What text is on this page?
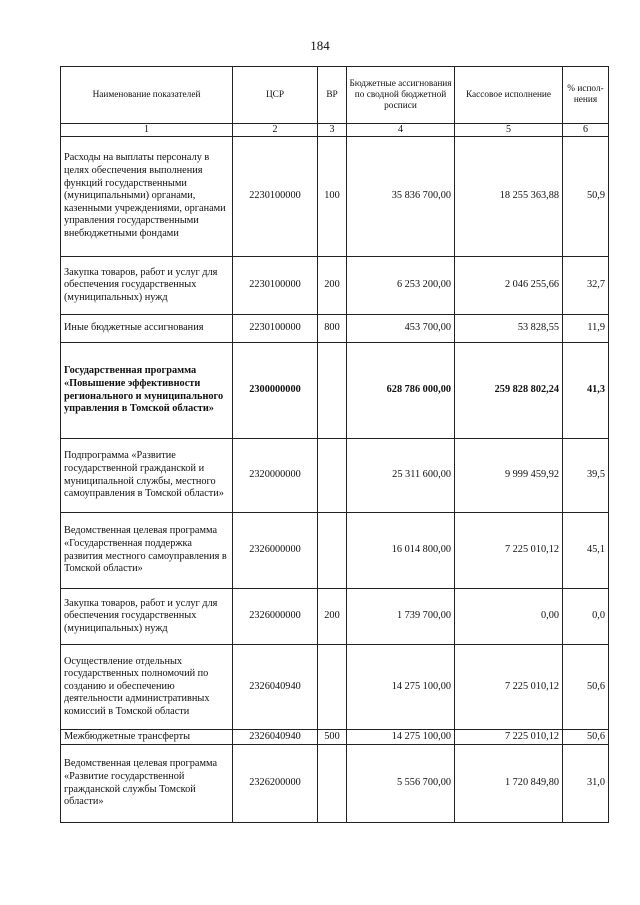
184
Наименование показателей	ЦСР	ВР	Бюджетные ассигнования по сводной бюджетной росписи	Кассовое исполнение	% испол-нения
1	2	3	4	5	6
Расходы на выплаты персоналу в целях обеспечения выполнения функций государственными (муниципальными) органами, казенными учреждениями, органами управления государственными внебюджетными фондами	2230100000	100	35 836 700,00	18 255 363,88	50,9
Закупка товаров, работ и услуг для обеспечения государственных (муниципальных) нужд	2230100000	200	6 253 200,00	2 046 255,66	32,7
Иные бюджетные ассигнования	2230100000	800	453 700,00	53 828,55	11,9
Государственная программа «Повышение эффективности регионального и муниципального управления в Томской области»	2300000000		628 786 000,00	259 828 802,24	41,3
Подпрограмма «Развитие государственной гражданской и муниципальной службы, местного самоуправления в Томской области»	2320000000		25 311 600,00	9 999 459,92	39,5
Ведомственная целевая программа «Государственная поддержка развития местного самоуправления в Томской области»	2326000000		16 014 800,00	7 225 010,12	45,1
Закупка товаров, работ и услуг для обеспечения государственных (муниципальных) нужд	2326000000	200	1 739 700,00	0,00	0,0
Осуществление отдельных государственных полномочий по созданию и обеспечению деятельности административных комиссий в Томской области	2326040940		14 275 100,00	7 225 010,12	50,6
Межбюджетные трансферты	2326040940	500	14 275 100,00	7 225 010,12	50,6
Ведомственная целевая программа «Развитие государственной гражданской службы Томской области»	2326200000		5 556 700,00	1 720 849,80	31,0
